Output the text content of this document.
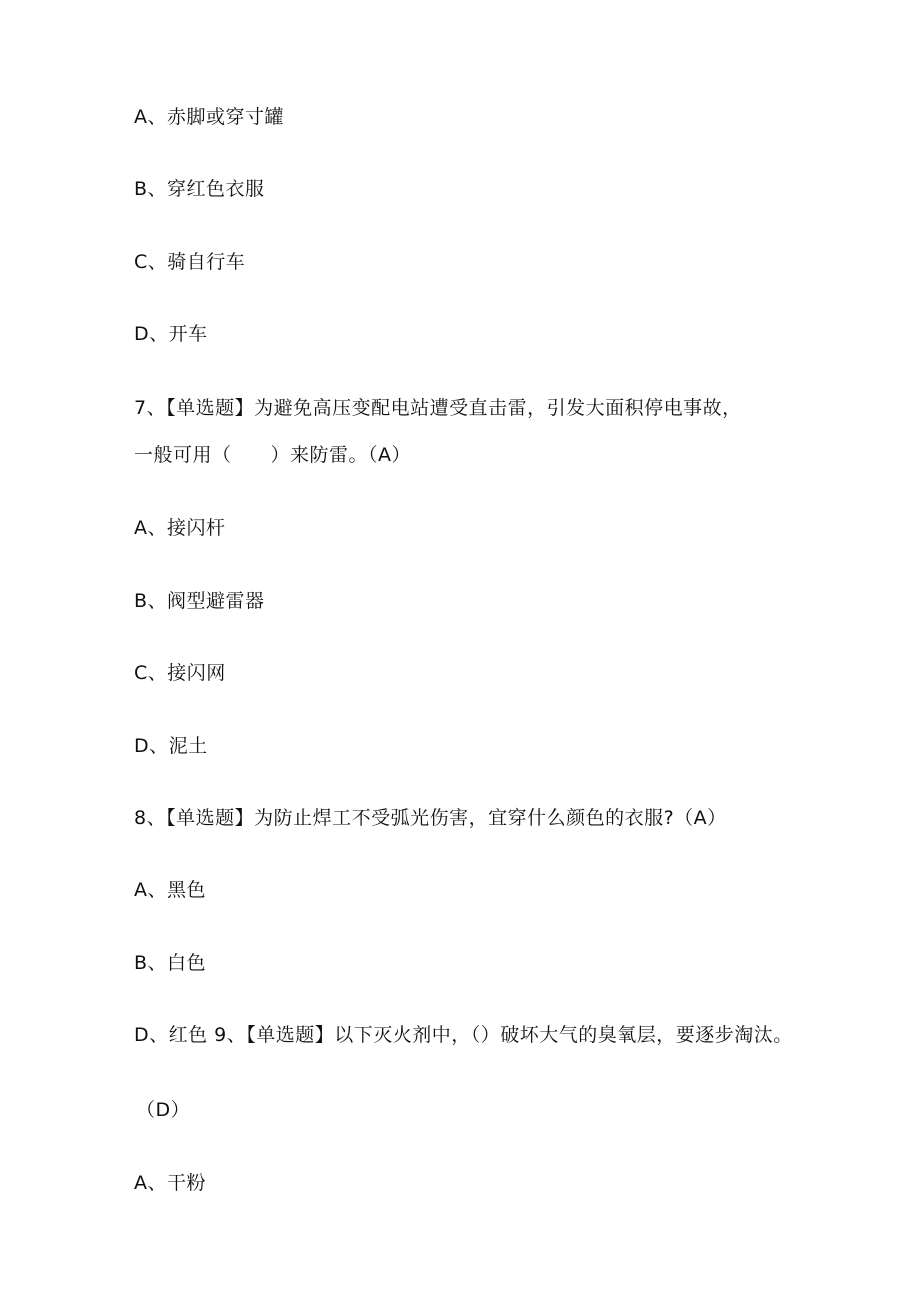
A、赤脚或穿寸罐
B、穿红色衣服
C、骑自行车
D、开车
7、【单选题】为避免高压变配电站遭受直击雷，引发大面积停电事故，
一般可用（　　）来防雷。（A）
A、接闪杆
B、阀型避雷器
C、接闪网
D、泥土
8、【单选题】为防止焊工不受弧光伤害，宜穿什么颜色的衣服?（A）
A、黑色
B、白色
D、红色 9、【单选题】以下灭火剂中，（）破坏大气的臭氧层，要逐步淘汰。
（D）
A、干粉
